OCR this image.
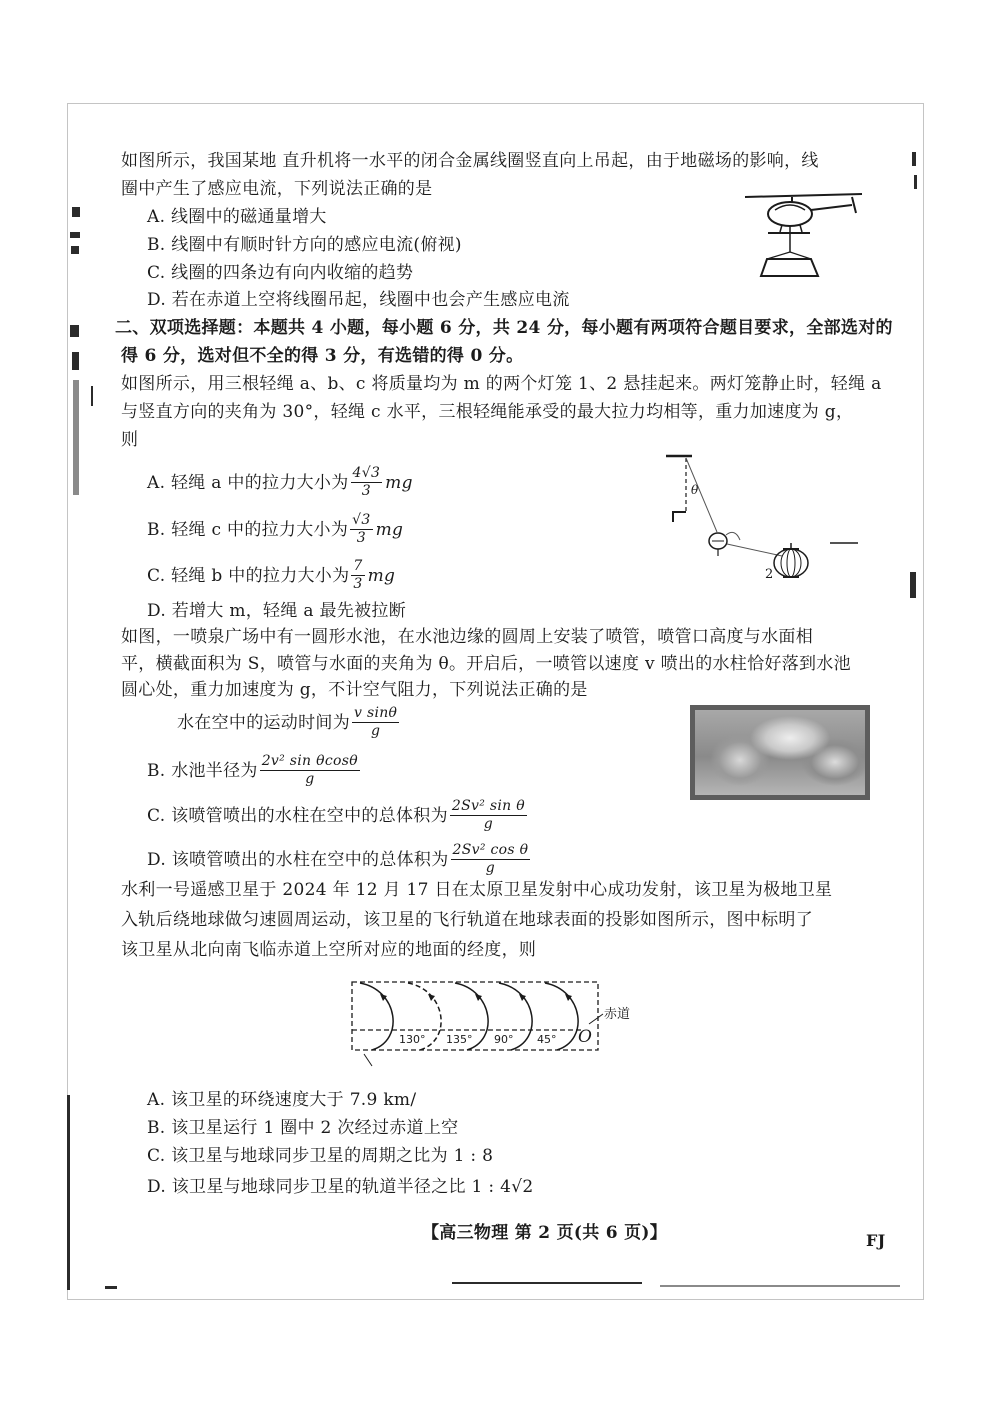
如图所示，我国某地 直升机将一水平的闭合金属线圈竖直向上吊起，由于地磁场的影响，线
圈中产生了感应电流，下列说法正确的是
A. 线圈中的磁通量增大
B. 线圈中有顺时针方向的感应电流(俯视)
C. 线圈的四条边有向内收缩的趋势
D. 若在赤道上空将线圈吊起，线圈中也会产生感应电流
二、双项选择题：本题共 4 小题，每小题 6 分，共 24 分，每小题有两项符合题目要求，全部选对的
得 6 分，选对但不全的得 3 分，有选错的得 0 分。
如图所示，用三根轻绳 a、b、c 将质量均为 m 的两个灯笼 1、2 悬挂起来。两灯笼静止时，轻绳 a
与竖直方向的夹角为 30°，轻绳 c 水平，三根轻绳能承受的最大拉力均相等，重力加速度为 g，
则
A. 轻绳 a 中的拉力大小为 $\frac{4√3}{3}$ mg
B. 轻绳 c 中的拉力大小为 $\frac{√3}{3}$ mg
C. 轻绳 b 中的拉力大小为 $\frac{7}{3}$ mg
D. 若增大 m，轻绳 a 最先被拉断
θ
2
如图，一喷泉广场中有一圆形水池，在水池边缘的圆周上安装了喷管，喷管口高度与水面相
平，横截面积为 S，喷管与水面的夹角为 θ。开启后，一喷管以速度 v 喷出的水柱恰好落到水池
圆心处，重力加速度为 g，不计空气阻力，下列说法正确的是
水在空中的运动时间为 $\frac{\text{v sinθ}}{g}$
B. 水池半径为 $\frac{\text{2v² sin θcosθ}}{g}$
C. 该喷管喷出的水柱在空中的总体积为 $\frac{\text{2Sv² sin θ}}{g}$
D. 该喷管喷出的水柱在空中的总体积为 $\frac{\text{2Sv² cos θ}}{g}$
水利一号遥感卫星于 2024 年 12 月 17 日在太原卫星发射中心成功发射，该卫星为极地卫星
入轨后绕地球做匀速圆周运动，该卫星的飞行轨道在地球表面的投影如图所示，图中标明了
该卫星从北向南飞临赤道上空所对应的地面的经度，则
130° 135° 90° 45° O
赤道
A. 该卫星的环绕速度大于 7.9 km/
B. 该卫星运行 1 圈中 2 次经过赤道上空
C. 该卫星与地球同步卫星的周期之比为 1 : 8
D. 该卫星与地球同步卫星的轨道半径之比 1 : 4√2
【高三物理 第 2 页(共 6 页)】	FJ
